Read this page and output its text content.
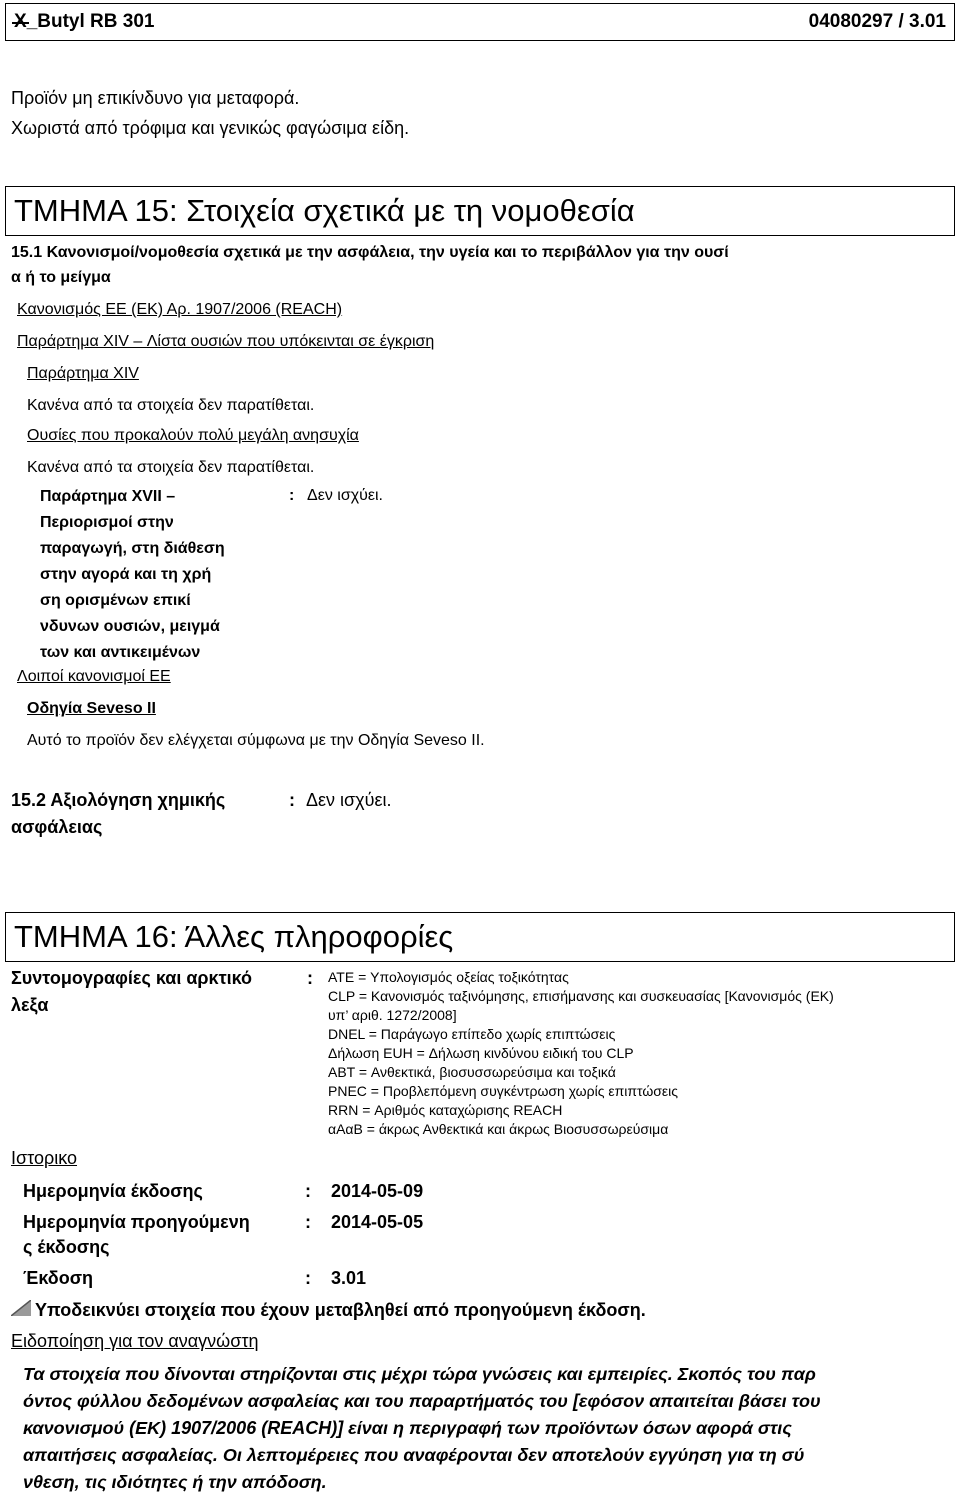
X_Butyl RB 301	04080297 / 3.01
Προϊόν μη επικίνδυνο για μεταφορά.
Χωριστά από τρόφιμα και γενικώς φαγώσιμα είδη.
ΤΜΗΜΑ 15: Στοιχεία σχετικά με τη νομοθεσία
15.1 Κανονισμοί/νομοθεσία σχετικά με την ασφάλεια, την υγεία και το περιβάλλον για την ουσί
α ή το μείγμα
Κανονισμός ΕΕ (ΕΚ) Αρ. 1907/2006 (REACH)
Παράρτημα XIV – Λίστα ουσιών που υπόκεινται σε έγκριση
Παράρτημα XIV
Κανένα από τα στοιχεία δεν παρατίθεται.
Ουσίες που προκαλούν πολύ μεγάλη ανησυχία
Κανένα από τα στοιχεία δεν παρατίθεται.
Παράρτημα XVII –
Περιορισμοί στην
παραγωγή, στη διάθεση
στην αγορά και τη χρή
ση ορισμένων επικί
νδυνων ουσιών, μειγμά
των και αντικειμένων
: Δεν ισχύει.
Λοιποί κανονισμοί ΕΕ
Οδηγία Seveso II
Αυτό το προϊόν δεν ελέγχεται σύμφωνα με την Οδηγία Seveso II.
15.2 Αξιολόγηση χημικής
ασφάλειας
: Δεν ισχύει.
ΤΜΗΜΑ 16: Άλλες πληροφορίες
Συντομογραφίες και αρκτικό
λεξα
: ATE = Υπολογισμός οξείας τοξικότητας
CLP = Κανονισμός ταξινόμησης, επισήμανσης και συσκευασίας [Κανονισμός (ΕΚ)
υπ’ αριθ. 1272/2008]
DNEL = Παράγωγο επίπεδο χωρίς επιπτώσεις
Δήλωση EUH = Δήλωση κινδύνου ειδική του CLP
ABT = Ανθεκτικά, βιοσυσσωρεύσιμα και τοξικά
PNEC = Προβλεπόμενη συγκέντρωση χωρίς επιπτώσεις
RRN = Αριθμός καταχώρισης REACH
αΑαΒ = άκρως Ανθεκτικά και άκρως Βιοσυσσωρεύσιμα
Ιστορικο
Ημερομηνία έκδοσης	: 2014-05-09
Ημερομηνία προηγούμενη
ς έκδοσης
: 2014-05-05
Έκδοση	: 3.01
Υποδεικνύει στοιχεία που έχουν μεταβληθεί από προηγούμενη έκδοση.
Ειδοποίηση για τον αναγνώστη
Τα στοιχεία που δίνονται στηρίζονται στις μέχρι τώρα γνώσεις και εμπειρίες. Σκοπός του παρ
όντος φύλλου δεδομένων ασφαλείας και του παραρτήματός του [εφόσον απαιτείται βάσει του
κανονισμού (ΕΚ) 1907/2006 (REACH)] είναι η περιγραφή των προϊόντων όσων αφορά στις
απαιτήσεις ασφαλείας. Οι λεπτομέρειες που αναφέρονται δεν αποτελούν εγγύηση για τη σύ
νθεση, τις ιδιότητες ή την απόδοση.
